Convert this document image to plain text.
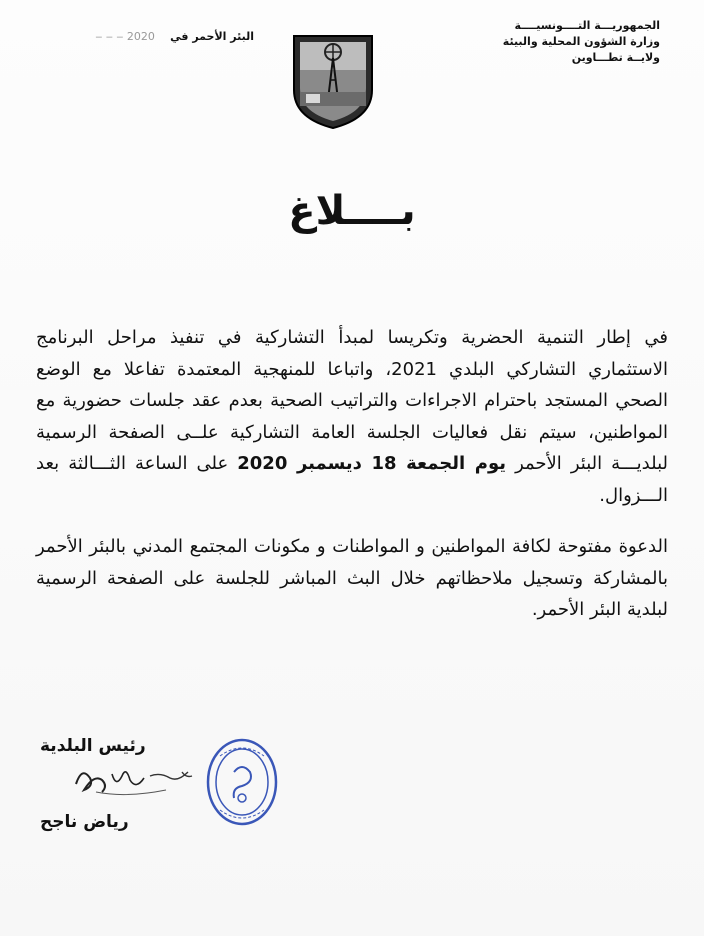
الجمهوريـــة التــــونسيــــة
وزارة الشؤون المحلية والبيئة
ولايــة تطـــاوين
البئر الأحمر في    2020 ‒ ‒ ‒
بــــلاغ

في إطار التنمية الحضرية وتكريسا لمبدأ التشاركية في تنفيذ مراحل البرنامج الاستثماري التشاركي البلدي 2021، واتباعا للمنهجية المعتمدة تفاعلا مع الوضع الصحي المستجد باحترام الاجراءات والتراتيب الصحية بعدم عقد جلسات حضورية مع المواطنين، سيتم نقل فعاليات الجلسة العامة التشاركية علــى الصفحة الرسمية لبلديـــة البئر الأحمر يوم الجمعة 18 ديسمبر 2020 على الساعة الثـــالثة بعد الـــزوال.

الدعوة مفتوحة لكافة المواطنين و المواطنات و مكونات المجتمع المدني بالبئر الأحمر بالمشاركة وتسجيل ملاحظاتهم خلال البث المباشر للجلسة على الصفحة الرسمية لبلدية البئر الأحمر.

رئيس البلدية
رياض ناجح
